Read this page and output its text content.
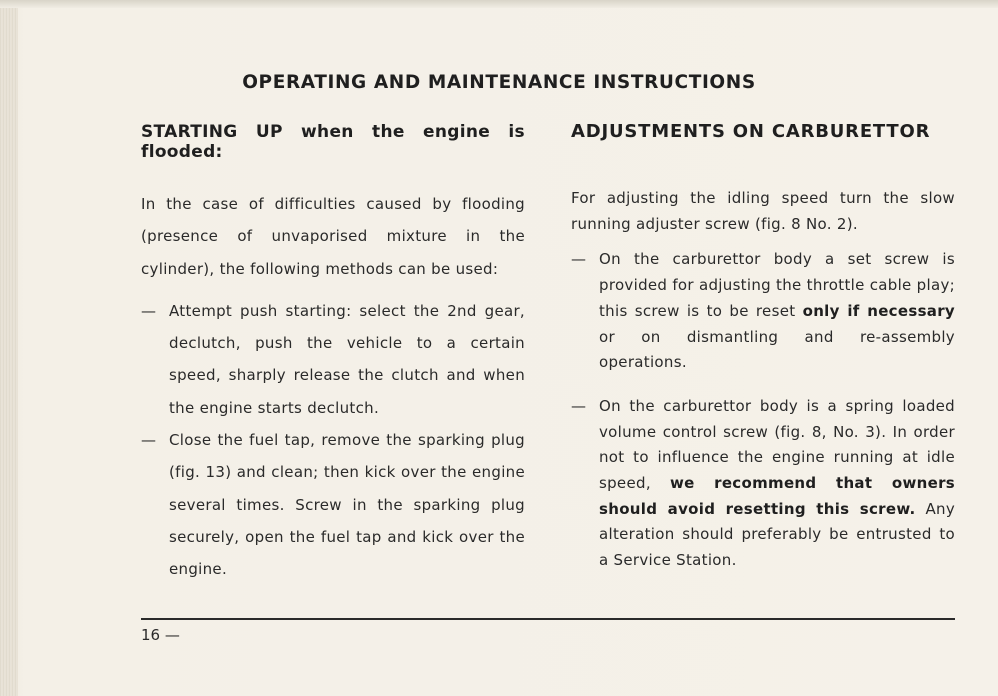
OPERATING AND MAINTENANCE INSTRUCTIONS
STARTING UP when the engine is
flooded:
In the case of difficulties caused by flooding (presence of unvaporised mixture in the cylinder), the following methods can be used:
— Attempt push starting: select the 2nd gear, declutch, push the vehicle to a certain speed, sharply release the clutch and when the engine starts declutch.
— Close the fuel tap, remove the sparking plug (fig. 13) and clean; then kick over the engine several times. Screw in the sparking plug securely, open the fuel tap and kick over the engine.
ADJUSTMENTS ON CARBURETTOR
For adjusting the idling speed turn the slow running adjuster screw (fig. 8 No. 2).
— On the carburettor body a set screw is provided for adjusting the throttle cable play; this screw is to be reset only if necessary or on dismantling and re-assembly operations.
— On the carburettor body is a spring loaded volume control screw (fig. 8, No. 3). In order not to influence the engine running at idle speed, we recommend that owners should avoid resetting this screw. Any alteration should preferably be entrusted to a Service Station.
16 —
